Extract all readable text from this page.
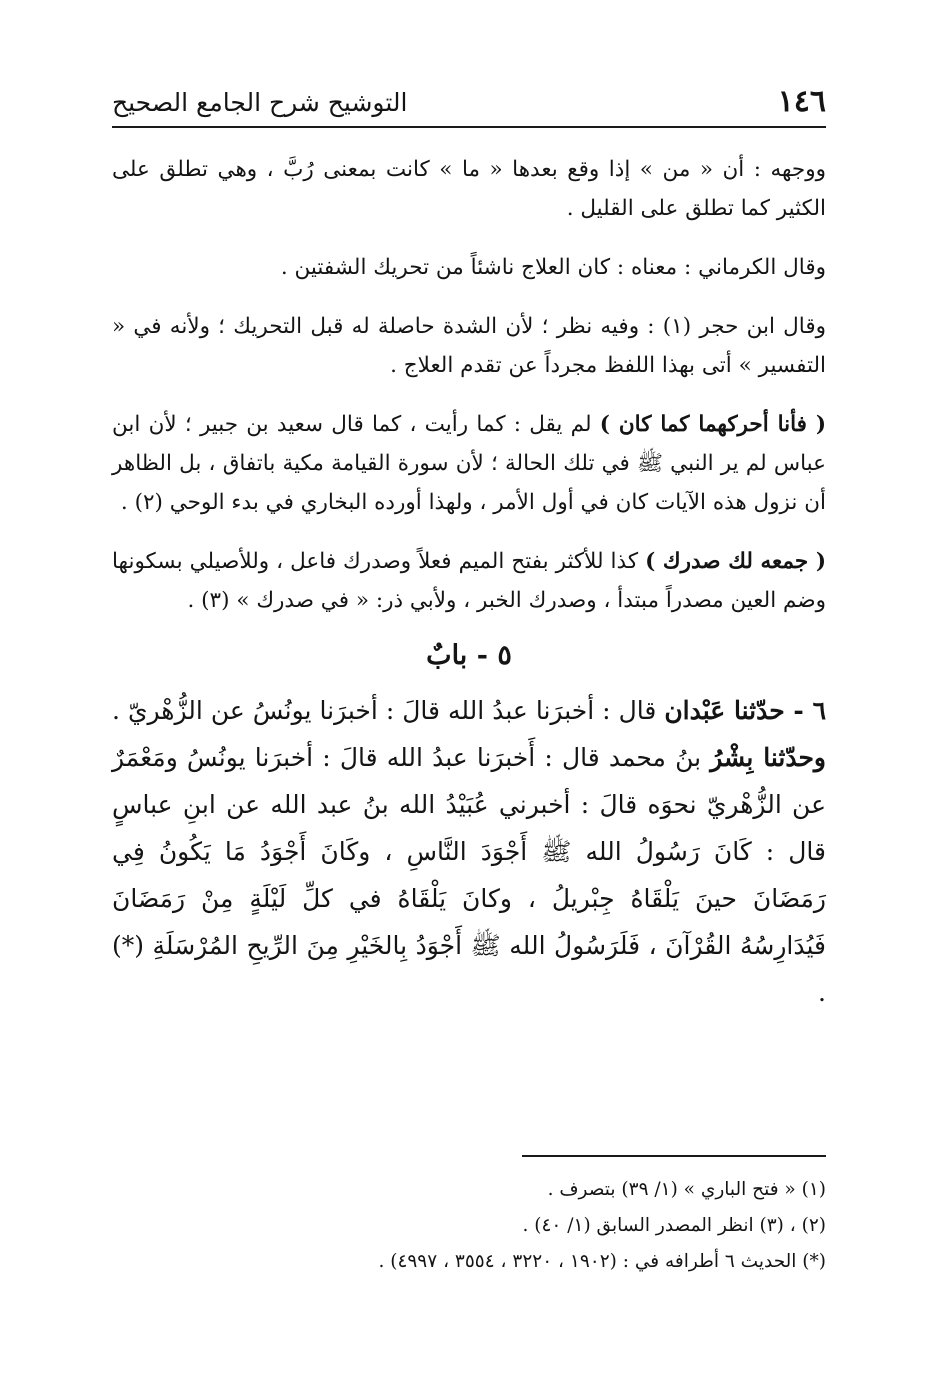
١٤٦
التوشيح شرح الجامع الصحيح

ووجهه : أن « من » إذا وقع بعدها « ما » كانت بمعنى رُبَّ ، وهي تطلق على الكثير كما تطلق على القليل .

وقال الكرماني : معناه : كان العلاج ناشئاً من تحريك الشفتين .

وقال ابن حجر (١) : وفيه نظر ؛ لأن الشدة حاصلة له قبل التحريك ؛ ولأنه في « التفسير » أتى بهذا اللفظ مجرداً عن تقدم العلاج .

( فأنا أحركهما كما كان ) لم يقل : كما رأيت ، كما قال سعيد بن جبير ؛ لأن ابن عباس لم ير النبي ﷺ في تلك الحالة ؛ لأن سورة القيامة مكية باتفاق ، بل الظاهر أن نزول هذه الآيات كان في أول الأمر ، ولهذا أورده البخاري في بدء الوحي (٢) .

( جمعه لك صدرك ) كذا للأكثر بفتح الميم فعلاً وصدرك فاعل ، وللأصيلي بسكونها وضم العين مصدراً مبتدأ ، وصدرك الخبر ، ولأبي ذر: « في صدرك » (٣) .

٥ - بابٌ

٦ - حدّثنا عَبْدان قال : أخبرَنا عبدُ الله قالَ : أخبرَنا يونُسُ عن الزُّهْريّ . وحدّثنا بِشْرُ بنُ محمد قال : أَخبرَنا عبدُ الله قالَ : أخبرَنا يونُسُ ومَعْمَرٌ عن الزُّهْريّ نحوَه قالَ : أخبرني عُبَيْدُ الله بنُ عبد الله عن ابنِ عباسٍ قال : كَانَ رَسُولُ الله ﷺ أَجْوَدَ النَّاسِ ، وكَانَ أَجْوَدُ مَا يَكُونُ فِي رَمَضَانَ حينَ يَلْقَاهُ جِبْريلُ ، وكانَ يَلْقَاهُ في كلِّ لَيْلَةٍ مِنْ رَمَضَانَ فَيُدَارِسُهُ القُرْآنَ ، فَلَرَسُولُ الله ﷺ أَجْوَدُ بِالخَيْرِ مِنَ الرِّيحِ المُرْسَلَةِ (*) .

(١) « فتح الباري » (١/ ٣٩) بتصرف .

(٢) ، (٣) انظر المصدر السابق (١/ ٤٠) .

(*) الحديث ٦ أطرافه في : (١٩٠٢ ، ٣٢٢٠ ، ٣٥٥٤ ، ٤٩٩٧) .
